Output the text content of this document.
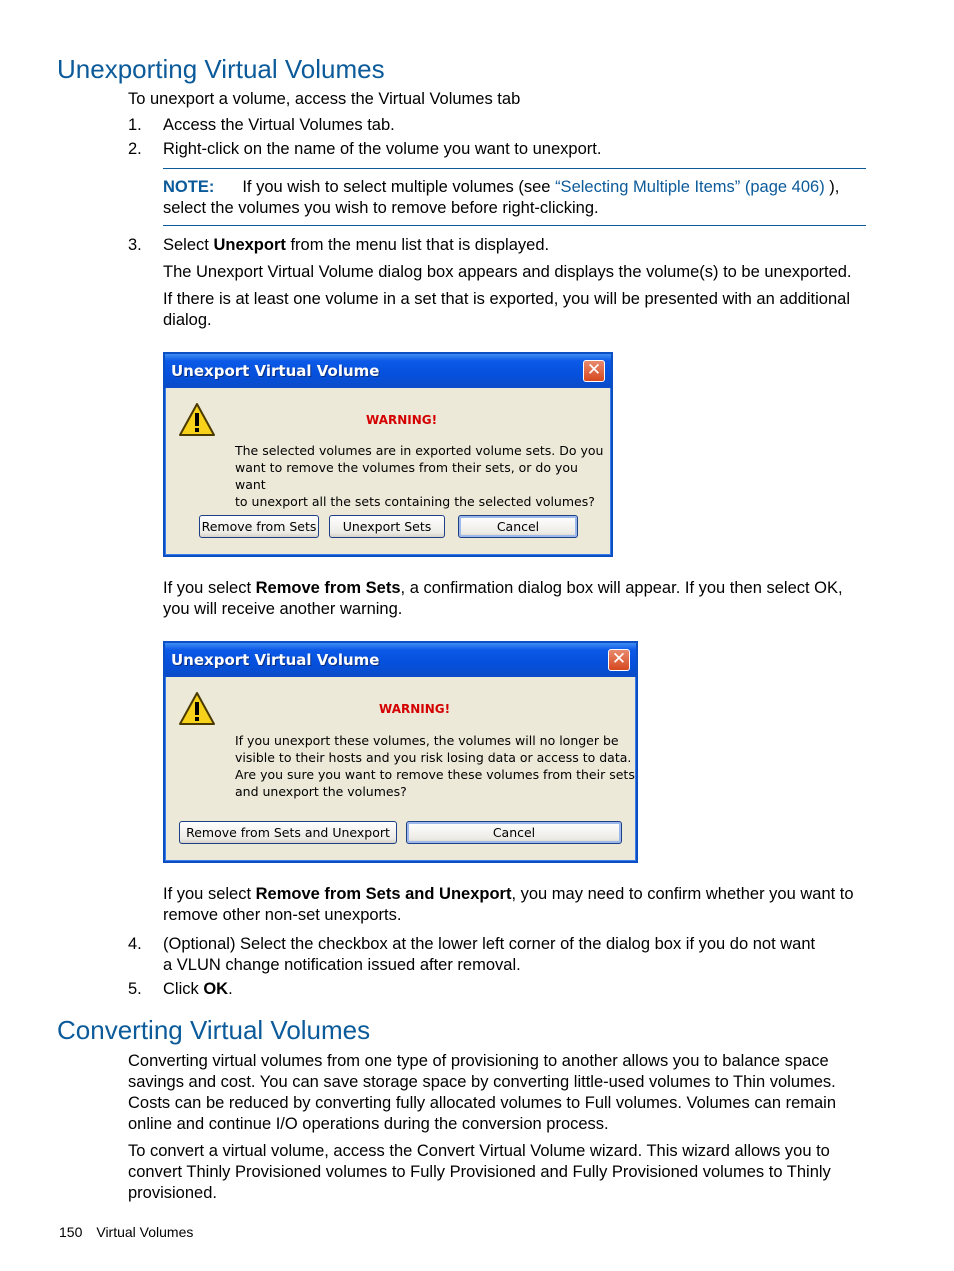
Unexporting Virtual Volumes
To unexport a volume, access the Virtual Volumes tab
1.	Access the Virtual Volumes tab.
2.	Right-click on the name of the volume you want to unexport.
NOTE: If you wish to select multiple volumes (see “Selecting Multiple Items” (page 406) ),
select the volumes you wish to remove before right-clicking.
3.	Select Unexport from the menu list that is displayed.
The Unexport Virtual Volume dialog box appears and displays the volume(s) to be unexported.
If there is at least one volume in a set that is exported, you will be presented with an additional
dialog.
Unexport Virtual Volume	✕
WARNING!
The selected volumes are in exported volume sets. Do you
want to remove the volumes from their sets, or do you want
to unexport all the sets containing the selected volumes?
Remove from Sets	Unexport Sets	Cancel
If you select Remove from Sets, a confirmation dialog box will appear. If you then select OK,
you will receive another warning.
Unexport Virtual Volume	✕
WARNING!
If you unexport these volumes, the volumes will no longer be
visible to their hosts and you risk losing data or access to data.
Are you sure you want to remove these volumes from their sets
and unexport the volumes?
Remove from Sets and Unexport	Cancel
If you select Remove from Sets and Unexport, you may need to confirm whether you want to
remove other non-set unexports.
4.	(Optional) Select the checkbox at the lower left corner of the dialog box if you do not want
a VLUN change notification issued after removal.
5.	Click OK.
Converting Virtual Volumes
Converting virtual volumes from one type of provisioning to another allows you to balance space
savings and cost. You can save storage space by converting little-used volumes to Thin volumes.
Costs can be reduced by converting fully allocated volumes to Full volumes. Volumes can remain
online and continue I/O operations during the conversion process.
To convert a virtual volume, access the Convert Virtual Volume wizard. This wizard allows you to
convert Thinly Provisioned volumes to Fully Provisioned and Fully Provisioned volumes to Thinly
provisioned.
150 Virtual Volumes
